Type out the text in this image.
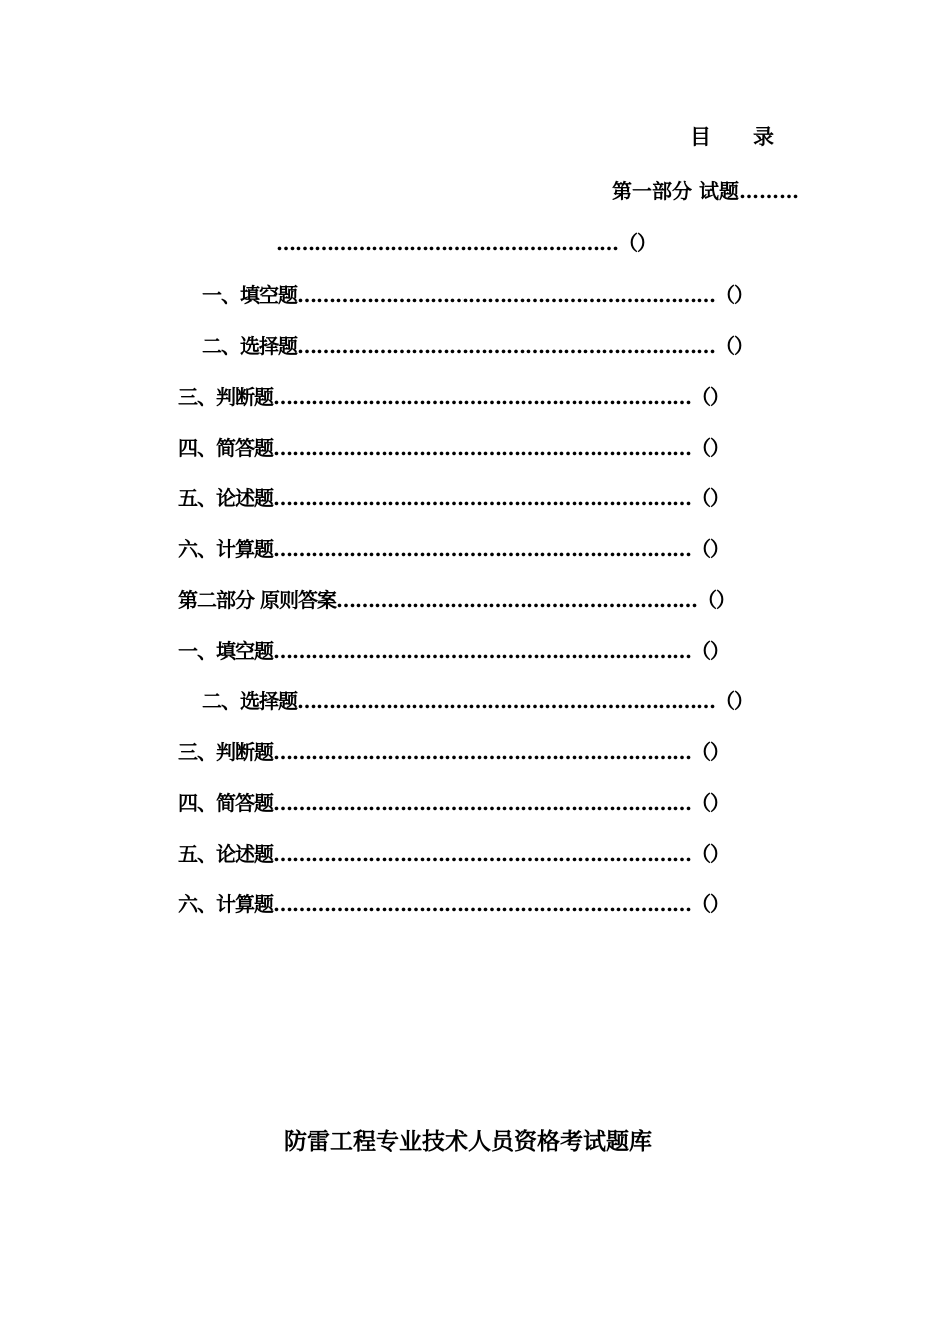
目　　录
第一部分 试题………
………………………………………………（）
一、填空题…………………………………………………………（）
二、选择题…………………………………………………………（）
三、判断题…………………………………………………………（）
四、简答题…………………………………………………………（）
五、论述题…………………………………………………………（）
六、计算题…………………………………………………………（）
第二部分 原则答案…………………………………………………（）
一、填空题…………………………………………………………（）
二、选择题…………………………………………………………（）
三、判断题…………………………………………………………（）
四、简答题…………………………………………………………（）
五、论述题…………………………………………………………（）
六、计算题…………………………………………………………（）
防雷工程专业技术人员资格考试题库
